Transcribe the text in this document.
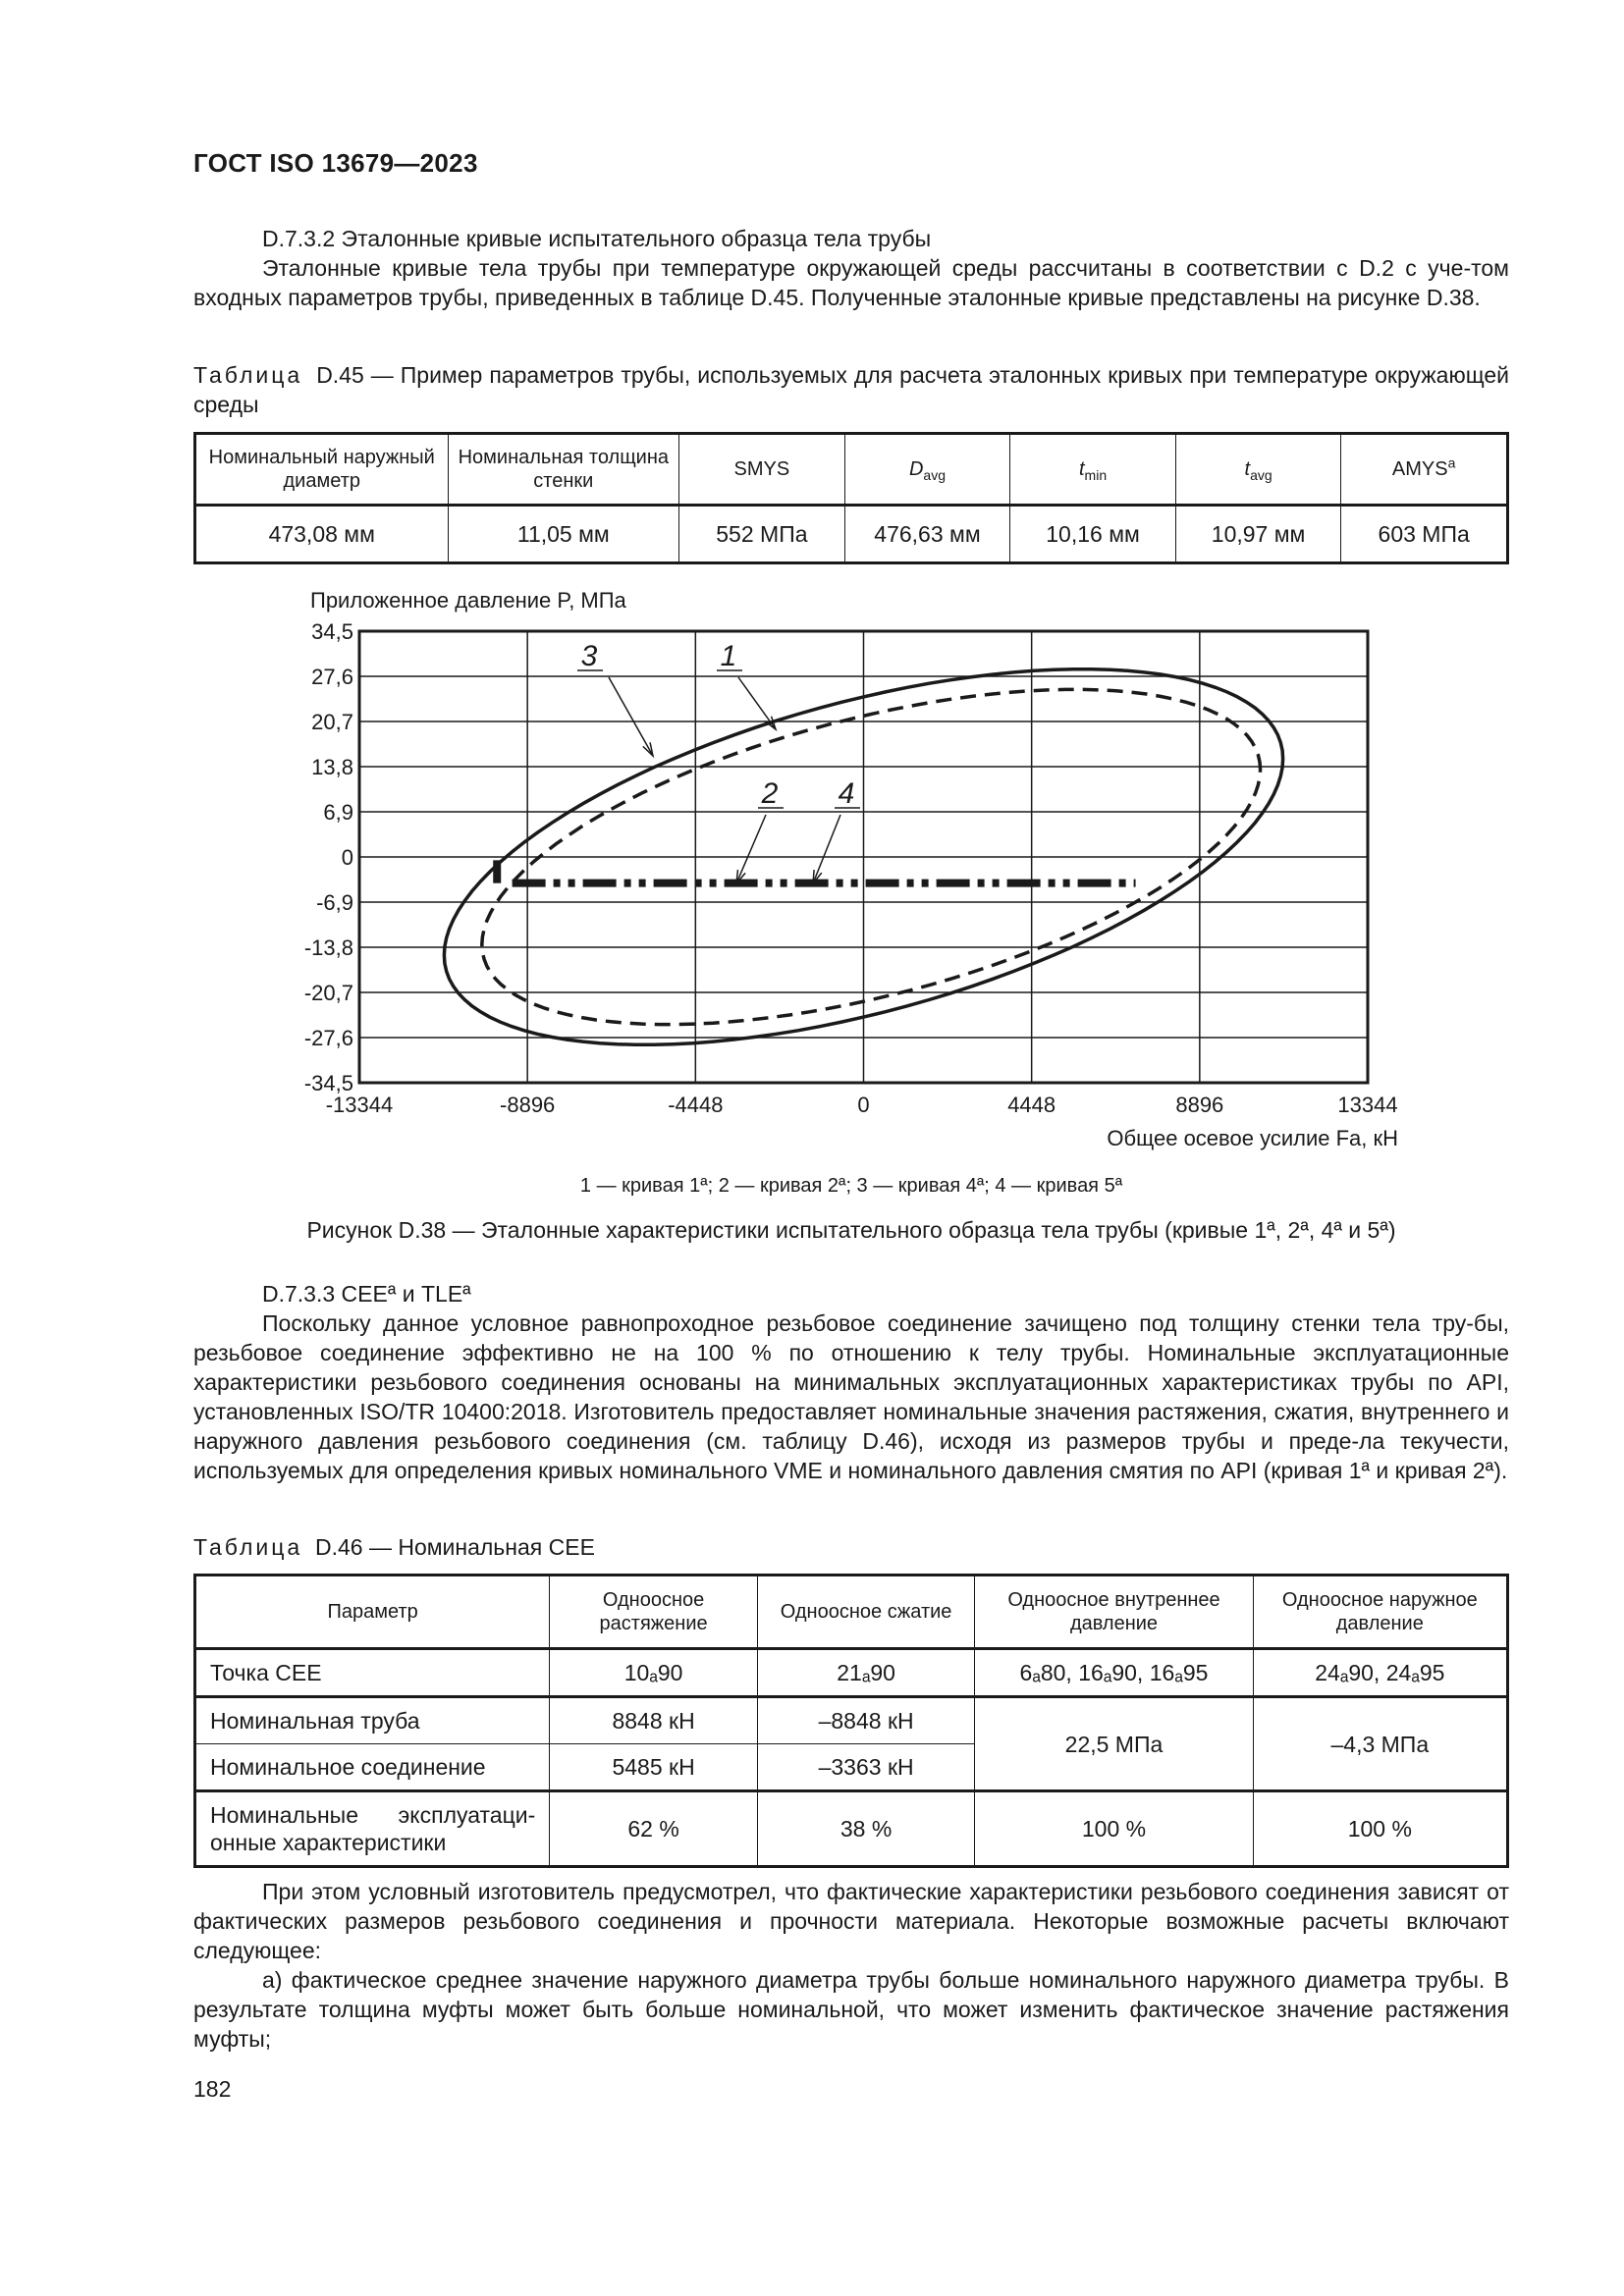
ГОСТ ISO 13679—2023
D.7.3.2 Эталонные кривые испытательного образца тела трубы
Эталонные кривые тела трубы при температуре окружающей среды рассчитаны в соответствии с D.2 с уче-том входных параметров трубы, приведенных в таблице D.45. Полученные эталонные кривые представлены на рисунке D.38.
Таблица D.45 — Пример параметров трубы, используемых для расчета эталонных кривых при температуре окружающей среды
Номинальный наружный диаметр	Номинальная толщина стенки	SMYS	$D_{avg}$	$t_{min}$	$t_{avg}$	AMYS$^a$
473,08 мм	11,05 мм	552 МПа	476,63 мм	10,16 мм	10,97 мм	603 МПа
Приложенное давление P, МПа
34,5
27,6
20,7
13,8
6,9
0
-6,9
-13,8
-20,7
-27,6
-34,5
-13344	-8896	-4448	0	4448	8896	13344
3	1
2 4
Общее осевое усилие Fa, кН
1 — кривая 1ª; 2 — кривая 2ª; 3 — кривая 4ª; 4 — кривая 5ª
Рисунок D.38 — Эталонные характеристики испытательного образца тела трубы (кривые 1ª, 2ª, 4ª и 5ª)
D.7.3.3 CEEª и TLEª
Поскольку данное условное равнопроходное резьбовое соединение зачищено под толщину стенки тела тру-бы, резьбовое соединение эффективно не на 100 % по отношению к телу трубы. Номинальные эксплуатационные характеристики резьбового соединения основаны на минимальных эксплуатационных характеристиках трубы по API, установленных ISO/TR 10400:2018. Изготовитель предоставляет номинальные значения растяжения, сжатия, внутреннего и наружного давления резьбового соединения (см. таблицу D.46), исходя из размеров трубы и преде-ла текучести, используемых для определения кривых номинального VME и номинального давления смятия по API (кривая 1ª и кривая 2ª).
Таблица D.46 — Номинальная CEE
Параметр	Одноосное растяжение	Одноосное сжатие	Одноосное внутреннее давление	Одноосное наружное давление
Точка CEE	10ₐ90	21ₐ90	6ₐ80, 16ₐ90, 16ₐ95	24ₐ90, 24ₐ95
Номинальная труба	8848 кН	–8848 кН	22,5 МПа	–4,3 МПа
Номинальное соединение	5485 кН	–3363 кН		
Номинальные эксплуатаци-онные характеристики	62 %	38 %	100 %	100 %
При этом условный изготовитель предусмотрел, что фактические характеристики резьбового соединения зависят от фактических размеров резьбового соединения и прочности материала. Некоторые возможные расчеты включают следующее:
а) фактическое среднее значение наружного диаметра трубы больше номинального наружного диаметра трубы. В результате толщина муфты может быть больше номинальной, что может изменить фактическое значение растяжения муфты;
182
